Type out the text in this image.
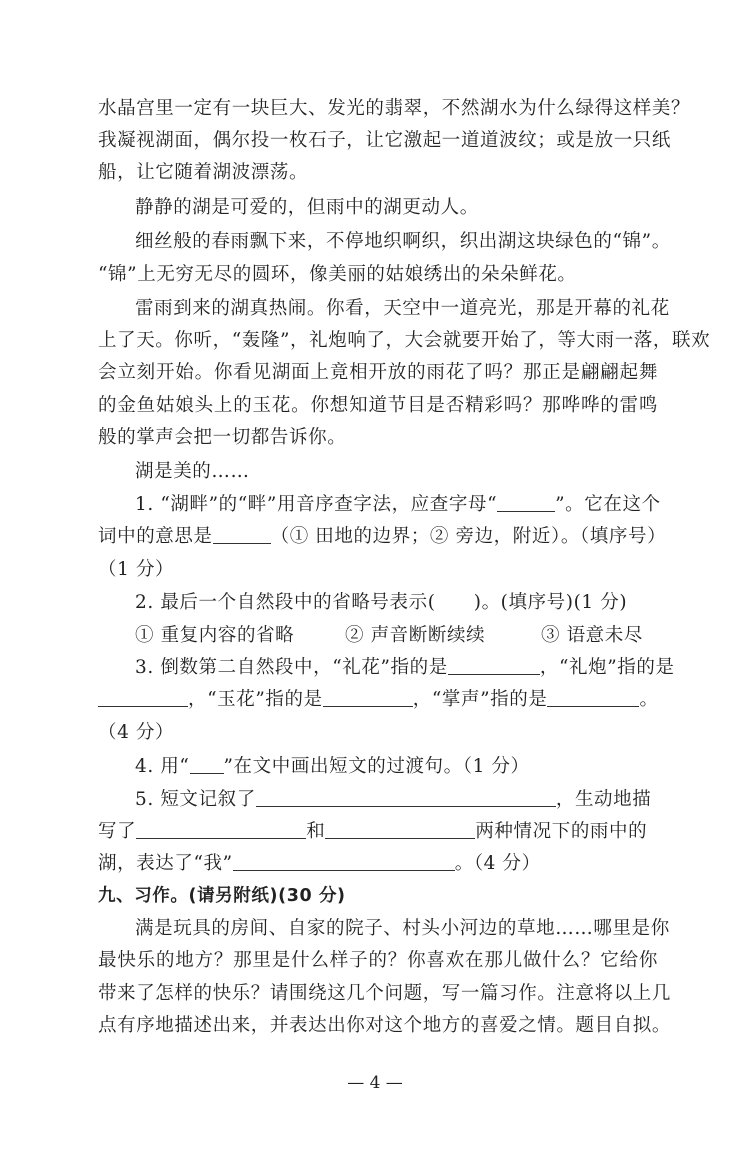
水晶宫里一定有一块巨大、发光的翡翠，不然湖水为什么绿得这样美？
我凝视湖面，偶尔投一枚石子，让它激起一道道波纹；或是放一只纸
船，让它随着湖波漂荡。
静静的湖是可爱的，但雨中的湖更动人。
细丝般的春雨飘下来，不停地织啊织，织出湖这块绿色的“锦”。
“锦”上无穷无尽的圆环，像美丽的姑娘绣出的朵朵鲜花。
雷雨到来的湖真热闹。你看，天空中一道亮光，那是开幕的礼花
上了天。你听，“轰隆”，礼炮响了，大会就要开始了，等大雨一落，联欢
会立刻开始。你看见湖面上竟相开放的雨花了吗？那正是翩翩起舞
的金鱼姑娘头上的玉花。你想知道节目是否精彩吗？那哗哗的雷鸣
般的掌声会把一切都告诉你。
湖是美的……
1. “湖畔”的“畔”用音序查字法，应查字母“	”。它在这个
词中的意思是	（① 田地的边界；② 旁边，附近）。（填序号）
（1 分）
2. 最后一个自然段中的省略号表示(　　)。(填序号)(1 分)
① 重复内容的省略	② 声音断断续续	③ 语意未尽
3. 倒数第二自然段中，“礼花”指的是	，“礼炮”指的是
，“玉花”指的是	，“掌声”指的是	。
（4 分）
4. 用“ ”在文中画出短文的过渡句。（1 分）
5. 短文记叙了	，生动地描
写了	和	两种情况下的雨中的
湖，表达了“我”	。（4 分）
九、习作。(请另附纸)(30 分)
满是玩具的房间、自家的院子、村头小河边的草地……哪里是你
最快乐的地方？那里是什么样子的？你喜欢在那儿做什么？它给你
带来了怎样的快乐？请围绕这几个问题，写一篇习作。注意将以上几
点有序地描述出来，并表达出你对这个地方的喜爱之情。题目自拟。
— 4 —
